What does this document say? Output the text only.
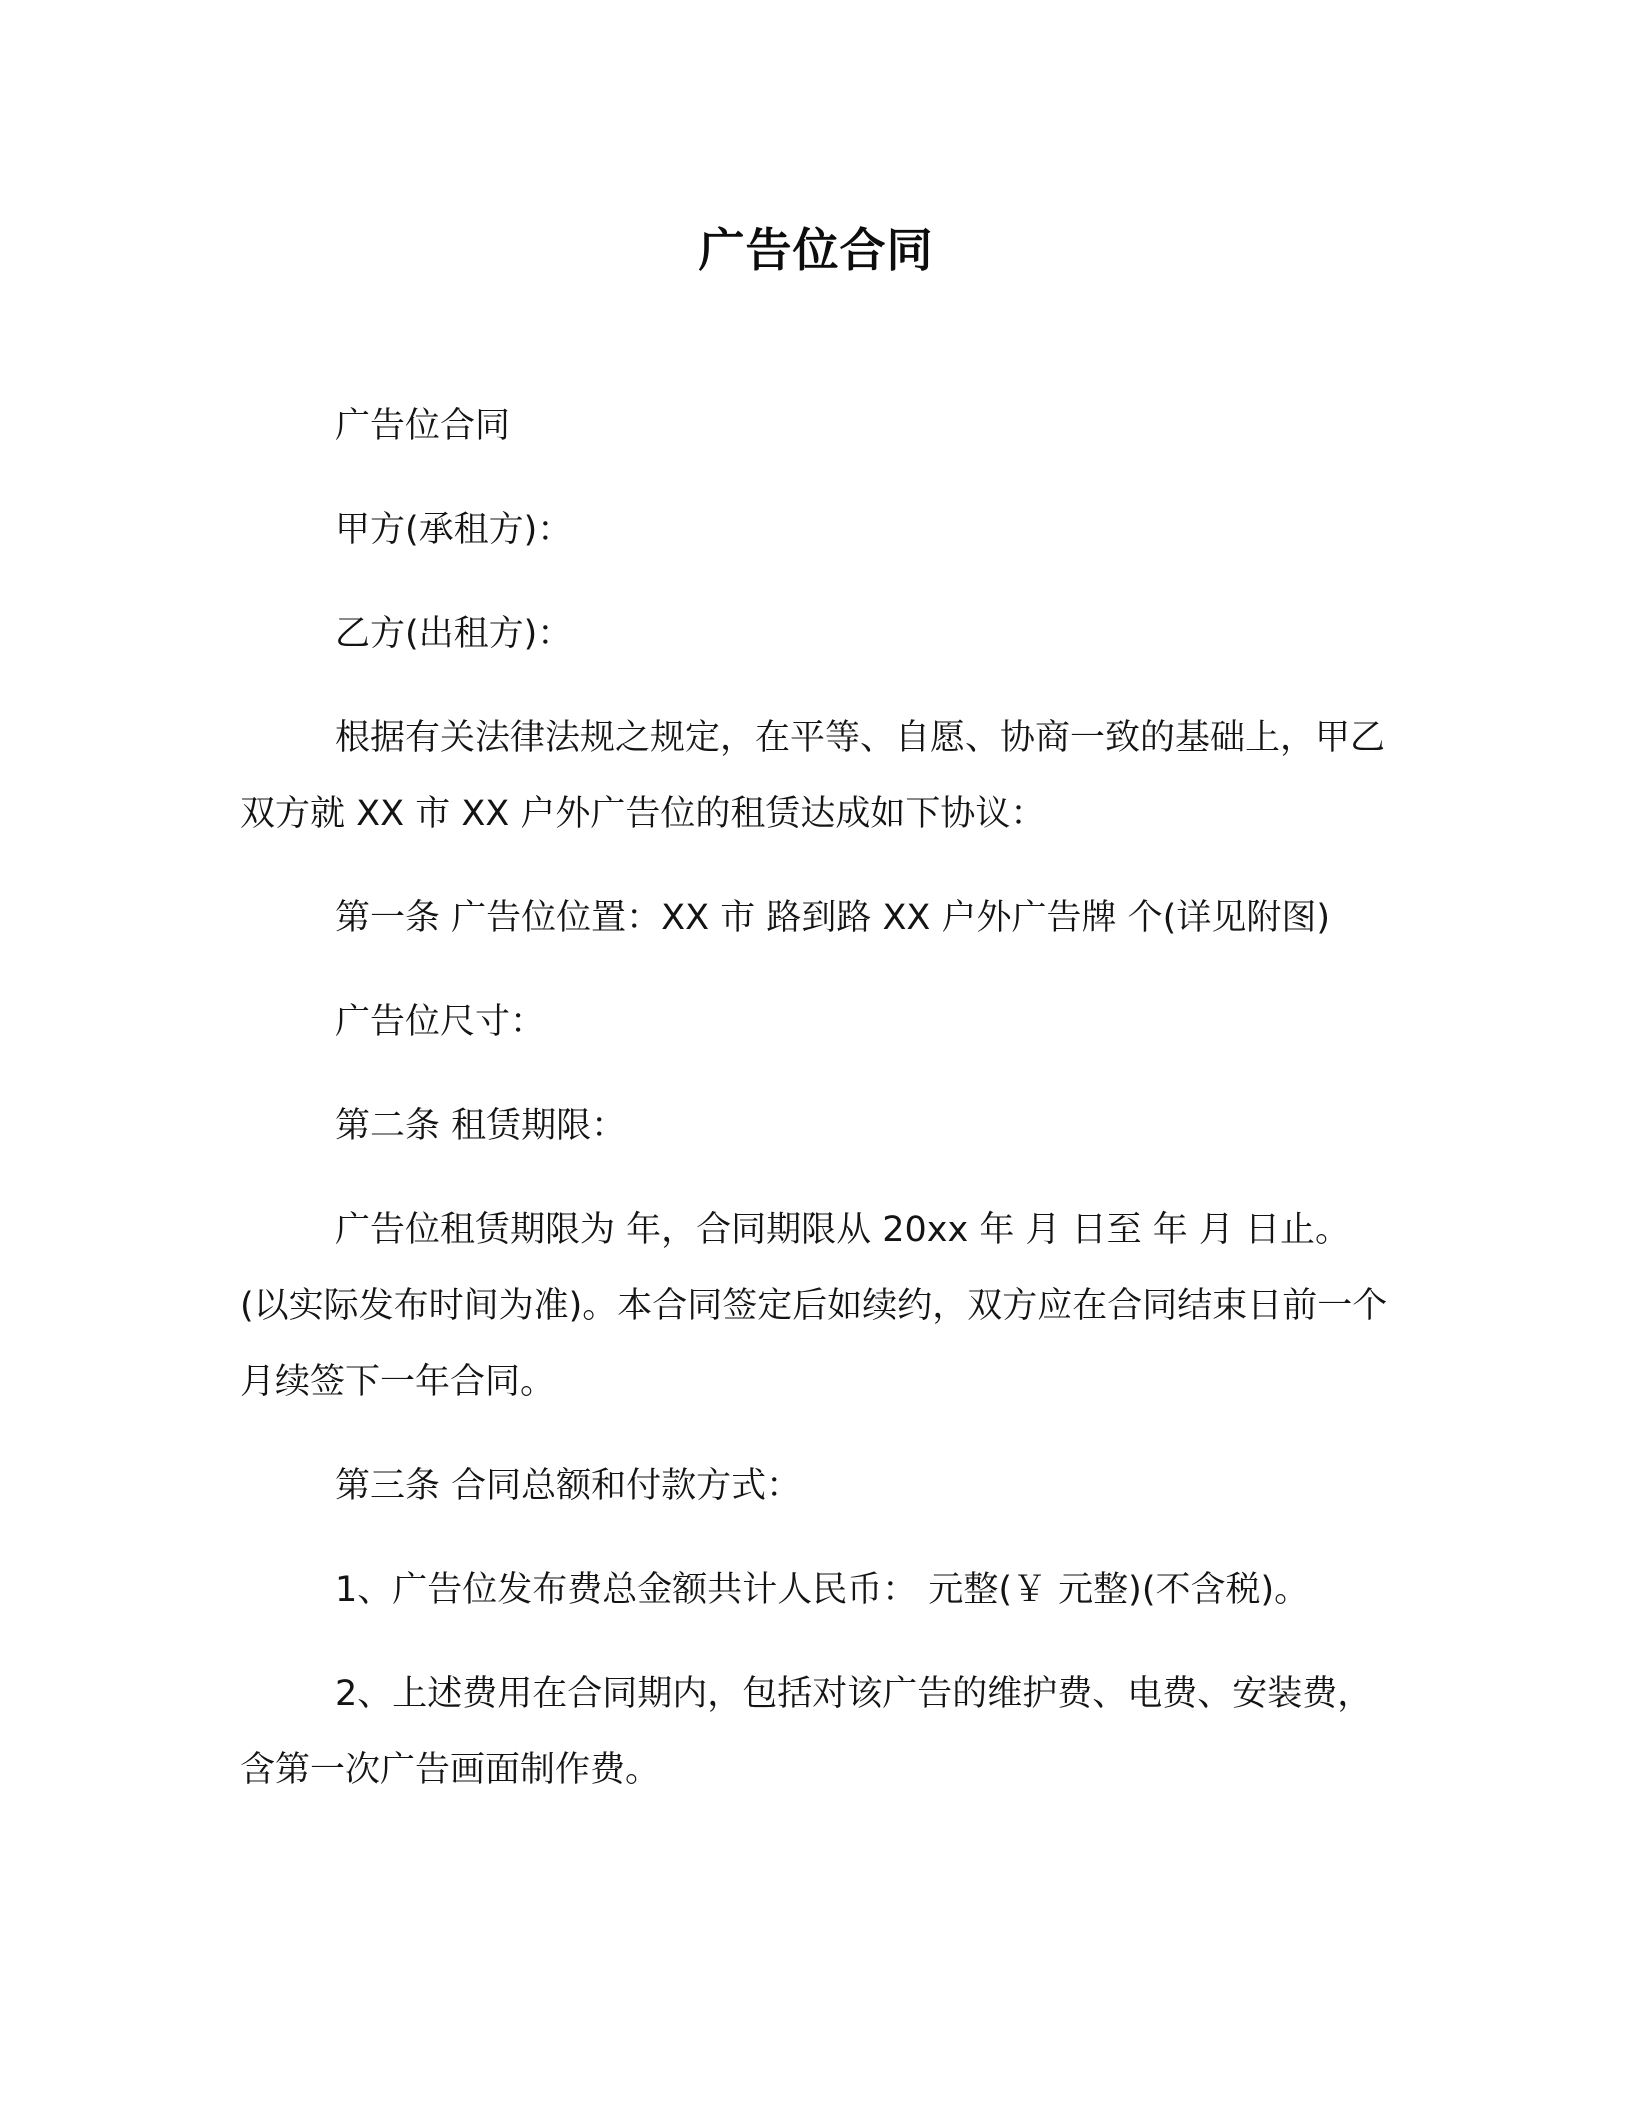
广告位合同

广告位合同

甲方(承租方)：

乙方(出租方)：

根据有关法律法规之规定，在平等、自愿、协商一致的基础上，甲乙双方就 XX 市 XX 户外广告位的租赁达成如下协议：

第一条 广告位位置：XX 市 路到路 XX 户外广告牌 个(详见附图)

广告位尺寸：

第二条 租赁期限：

广告位租赁期限为 年，合同期限从 20xx 年 月 日至 年 月 日止。(以实际发布时间为准)。本合同签定后如续约，双方应在合同结束日前一个月续签下一年合同。

第三条 合同总额和付款方式：

1、广告位发布费总金额共计人民币： 元整(￥ 元整)(不含税)。

2、上述费用在合同期内，包括对该广告的维护费、电费、安装费，含第一次广告画面制作费。
